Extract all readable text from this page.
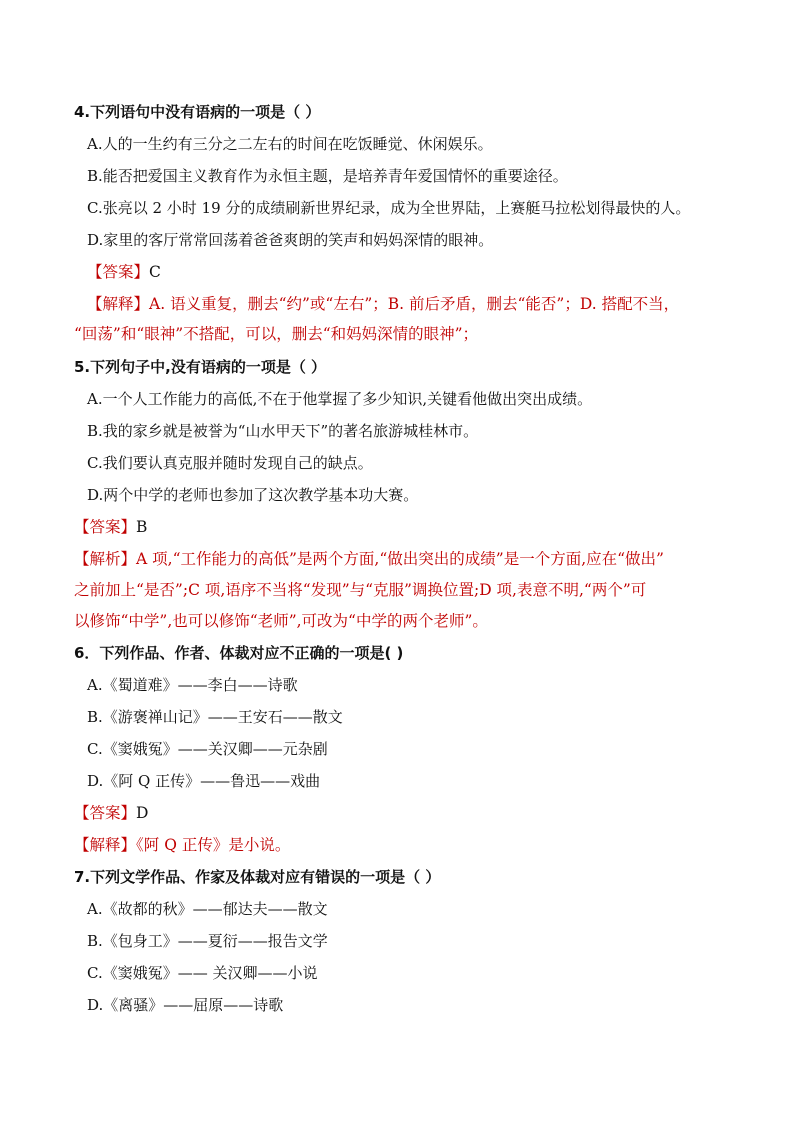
4.下列语句中没有语病的一项是（ ）
A.人的一生约有三分之二左右的时间在吃饭睡觉、休闲娱乐。
B.能否把爱国主义教育作为永恒主题，是培养青年爱国情怀的重要途径。
C.张亮以 2 小时 19 分的成绩刷新世界纪录，成为全世界陆，上赛艇马拉松划得最快的人。
D.家里的客厅常常回荡着爸爸爽朗的笑声和妈妈深情的眼神。
【答案】C
【解释】A. 语义重复，删去“约”或“左右”；B. 前后矛盾，删去“能否”；D. 搭配不当，
“回荡”和“眼神”不搭配，可以，删去“和妈妈深情的眼神”；
5.下列句子中,没有语病的一项是（ ）
A.一个人工作能力的高低,不在于他掌握了多少知识,关键看他做出突出成绩。
B.我的家乡就是被誉为“山水甲天下”的著名旅游城桂林市。
C.我们要认真克服并随时发现自己的缺点。
D.两个中学的老师也参加了这次教学基本功大赛。
【答案】B
【解析】A 项,“工作能力的高低”是两个方面,“做出突出的成绩”是一个方面,应在“做出”
之前加上“是否”;C 项,语序不当将“发现”与“克服”调换位置;D 项,表意不明,“两个”可
以修饰“中学”,也可以修饰“老师”,可改为“中学的两个老师”。
6．下列作品、作者、体裁对应不正确的一项是( )
A.《蜀道难》——李白——诗歌
B.《游褒禅山记》——王安石——散文
C.《窦娥冤》——关汉卿——元杂剧
D.《阿 Q 正传》——鲁迅——戏曲
【答案】D
【解释】《阿 Q 正传》是小说。
7.下列文学作品、作家及体裁对应有错误的一项是（ ）
A.《故都的秋》——郁达夫——散文
B.《包身工》——夏衍——报告文学
C.《窦娥冤》—— 关汉卿——小说
D.《离骚》——屈原——诗歌
